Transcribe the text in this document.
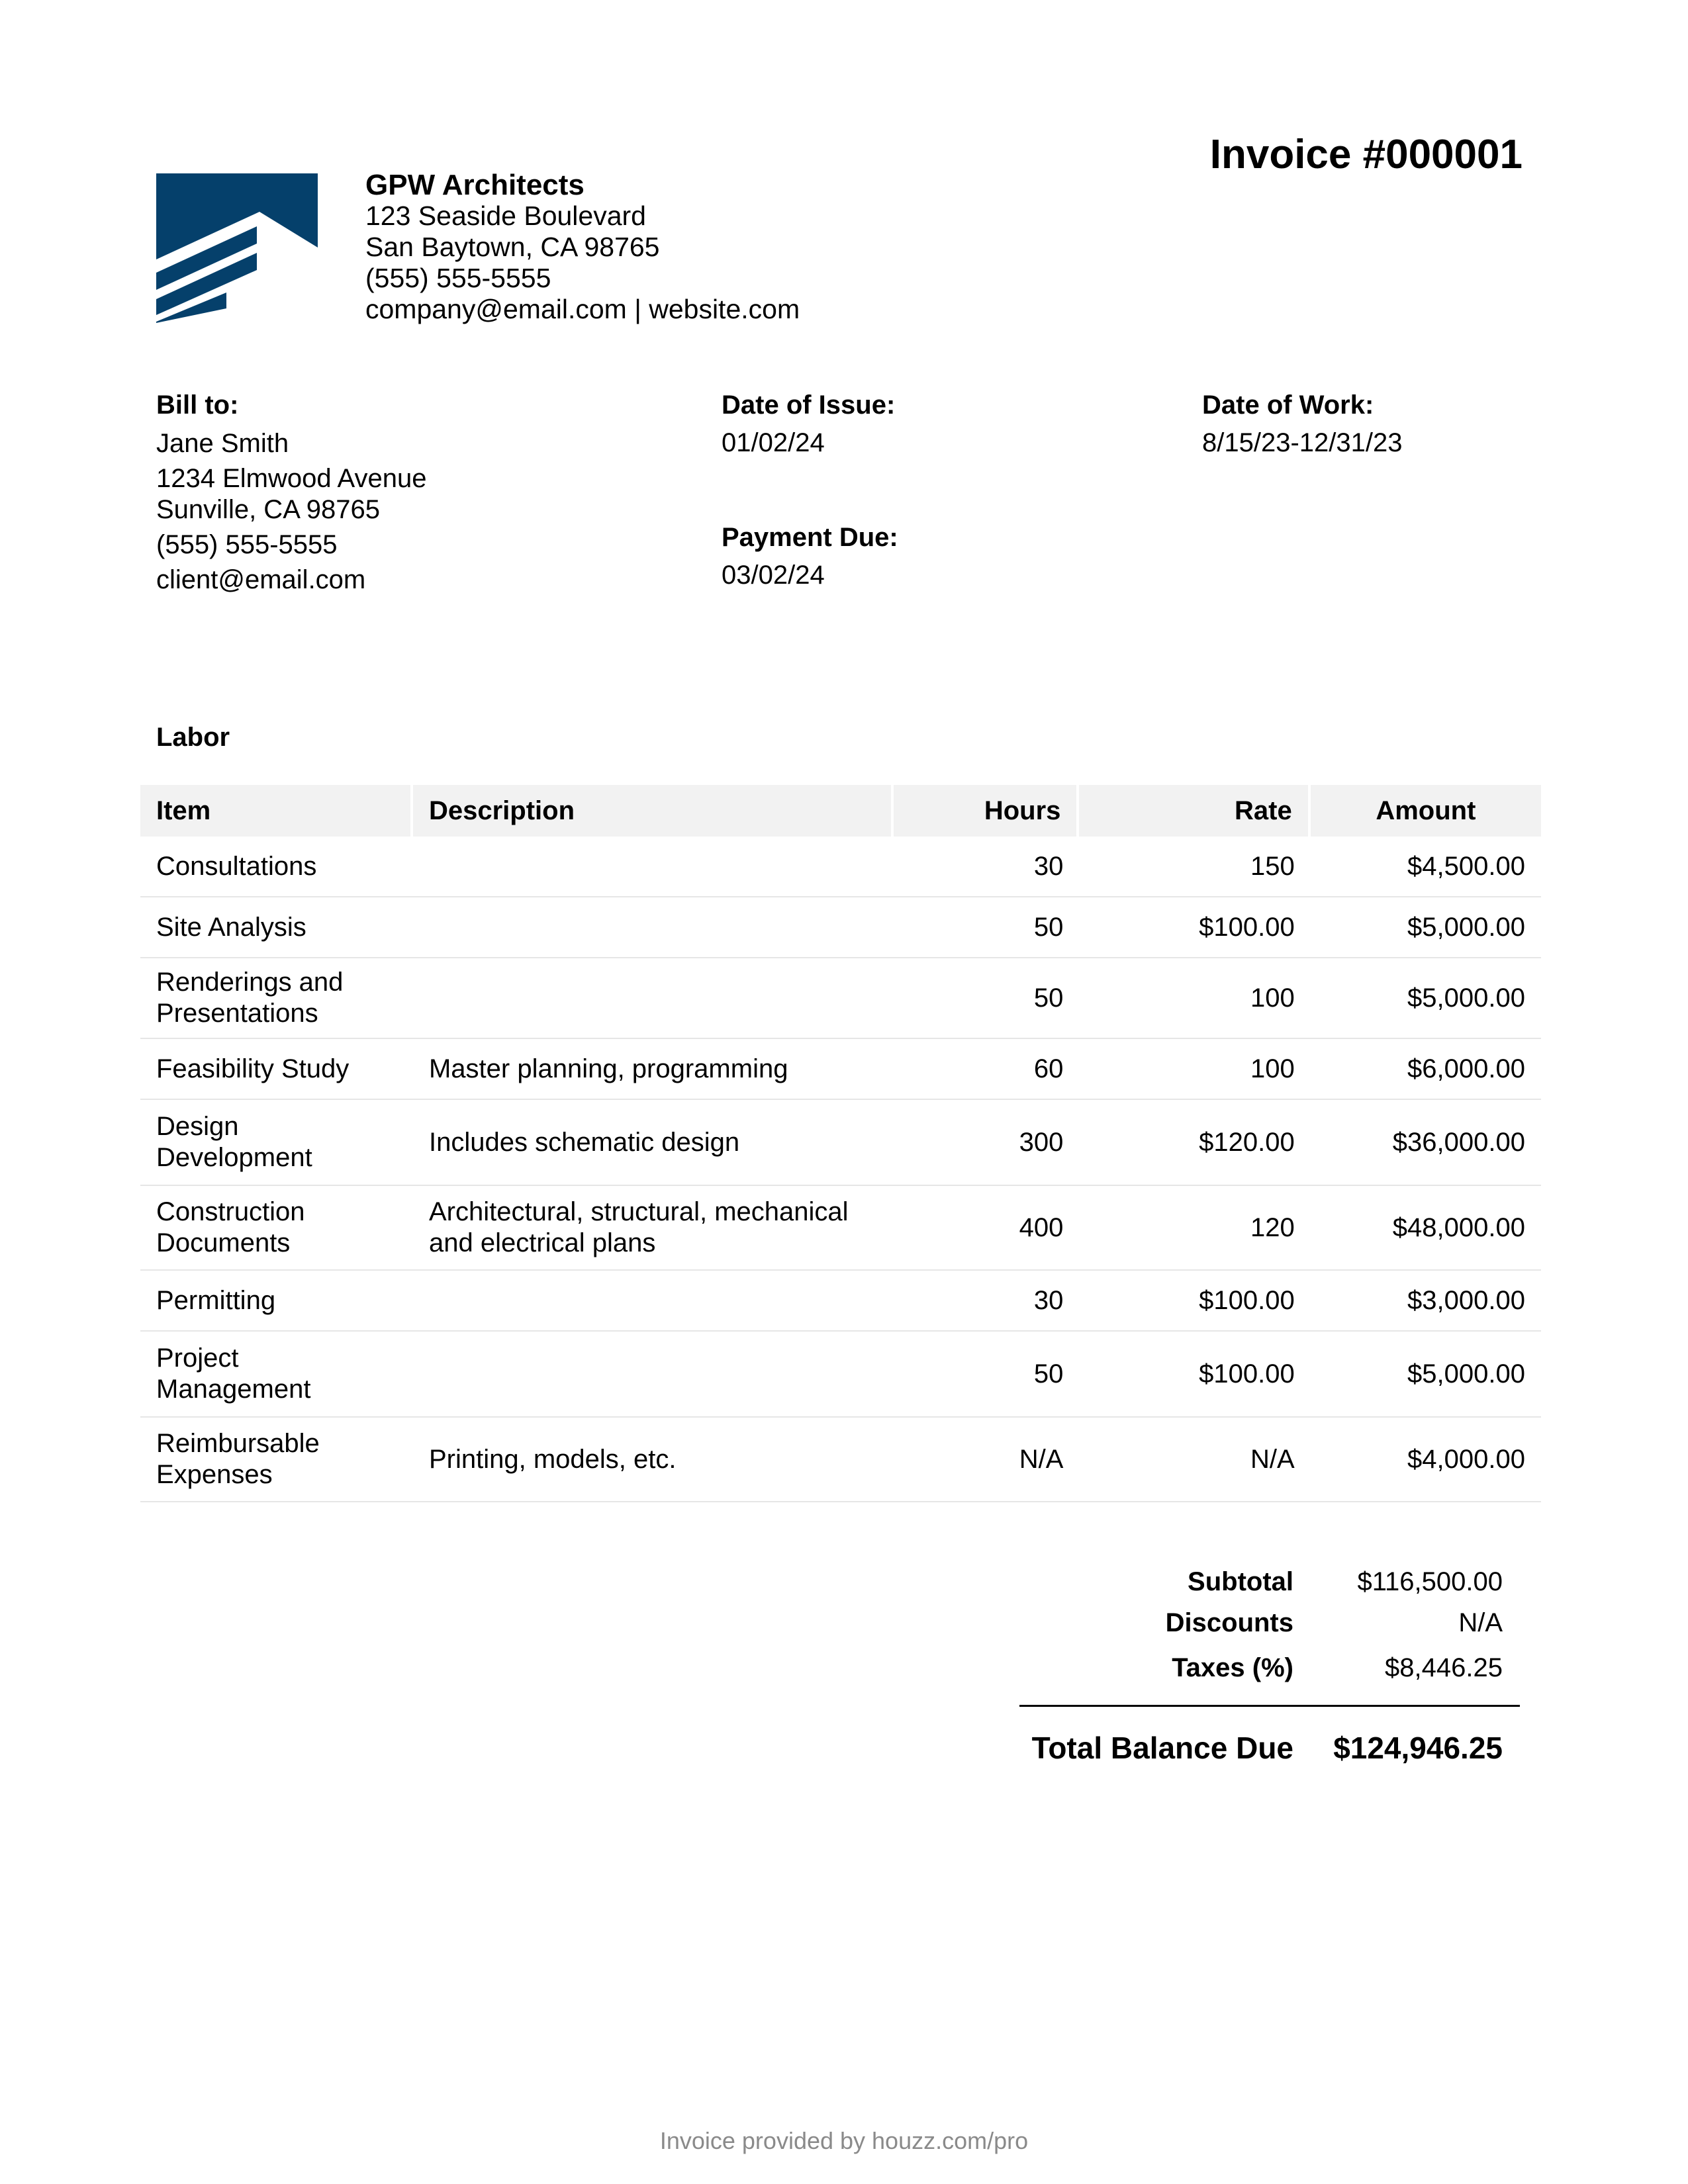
Invoice #000001
GPW Architects
123 Seaside Boulevard
San Baytown, CA 98765
(555) 555-5555
company@email.com | website.com
Bill to:
Jane Smith
1234 Elmwood Avenue
Sunville, CA 98765
(555) 555-5555
client@email.com
Date of Issue:
01/02/24
Payment Due:
03/02/24
Date of Work:
8/15/23-12/31/23
Labor
Item	Description	Hours	Rate	Amount
Consultations		30	150	$4,500.00
Site Analysis		50	$100.00	$5,000.00
Renderings and Presentations		50	100	$5,000.00
Feasibility Study	Master planning, programming	60	100	$6,000.00
Design Development	Includes schematic design	300	$120.00	$36,000.00
Construction Documents	Architectural, structural, mechanical and electrical plans	400	120	$48,000.00
Permitting		30	$100.00	$3,000.00
Project Management		50	$100.00	$5,000.00
Reimbursable Expenses	Printing, models, etc.	N/A	N/A	$4,000.00
Subtotal	$116,500.00
Discounts	N/A
Taxes (%)	$8,446.25
Total Balance Due	$124,946.25
Invoice provided by houzz.com/pro
